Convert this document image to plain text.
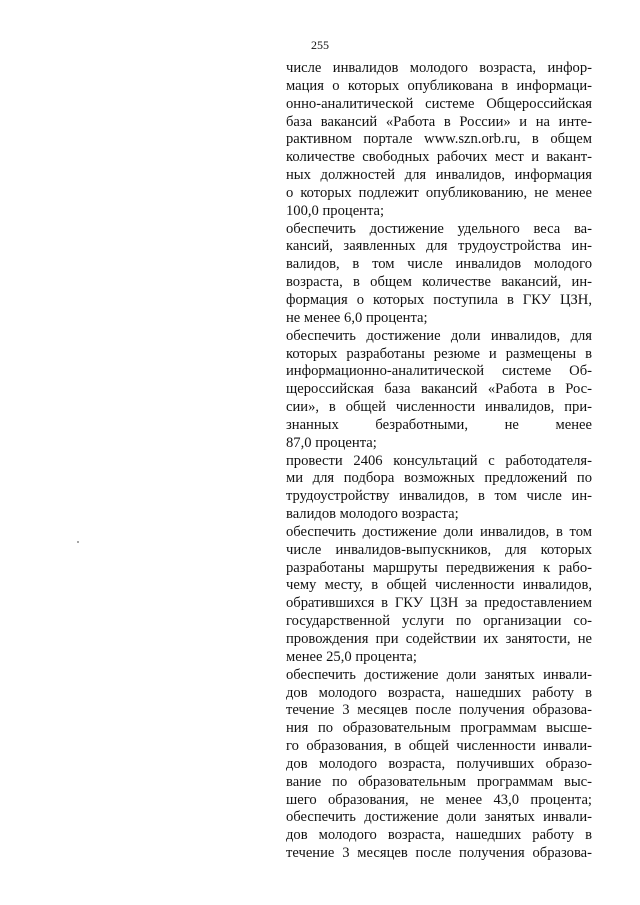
255
числе инвалидов молодого возраста, инфор-
мация о которых опубликована в информаци-
онно-аналитической системе Общероссийская
база вакансий «Работа в России» и на инте-
рактивном портале www.szn.orb.ru, в общем
количестве свободных рабочих мест и вакант-
ных должностей для инвалидов, информация
о которых подлежит опубликованию, не менее
100,0 процента;
обеспечить достижение удельного веса ва-
кансий, заявленных для трудоустройства ин-
валидов, в том числе инвалидов молодого
возраста, в общем количестве вакансий, ин-
формация о которых поступила в ГКУ ЦЗН,
не менее 6,0 процента;
обеспечить достижение доли инвалидов, для
которых разработаны резюме и размещены в
информационно-аналитической системе Об-
щероссийская база вакансий «Работа в Рос-
сии», в общей численности инвалидов, при-
знанных безработными, не менее
87,0 процента;
провести 2406 консультаций с работодателя-
ми для подбора возможных предложений по
трудоустройству инвалидов, в том числе ин-
валидов молодого возраста;
обеспечить достижение доли инвалидов, в том
числе инвалидов-выпускников, для которых
разработаны маршруты передвижения к рабо-
чему месту, в общей численности инвалидов,
обратившихся в ГКУ ЦЗН за предоставлением
государственной услуги по организации со-
провождения при содействии их занятости, не
менее 25,0 процента;
обеспечить достижение доли занятых инвали-
дов молодого возраста, нашедших работу в
течение 3 месяцев после получения образова-
ния по образовательным программам высше-
го образования, в общей численности инвали-
дов молодого возраста, получивших образо-
вание по образовательным программам выс-
шего образования, не менее 43,0 процента;
обеспечить достижение доли занятых инвали-
дов молодого возраста, нашедших работу в
течение 3 месяцев после получения образова-
